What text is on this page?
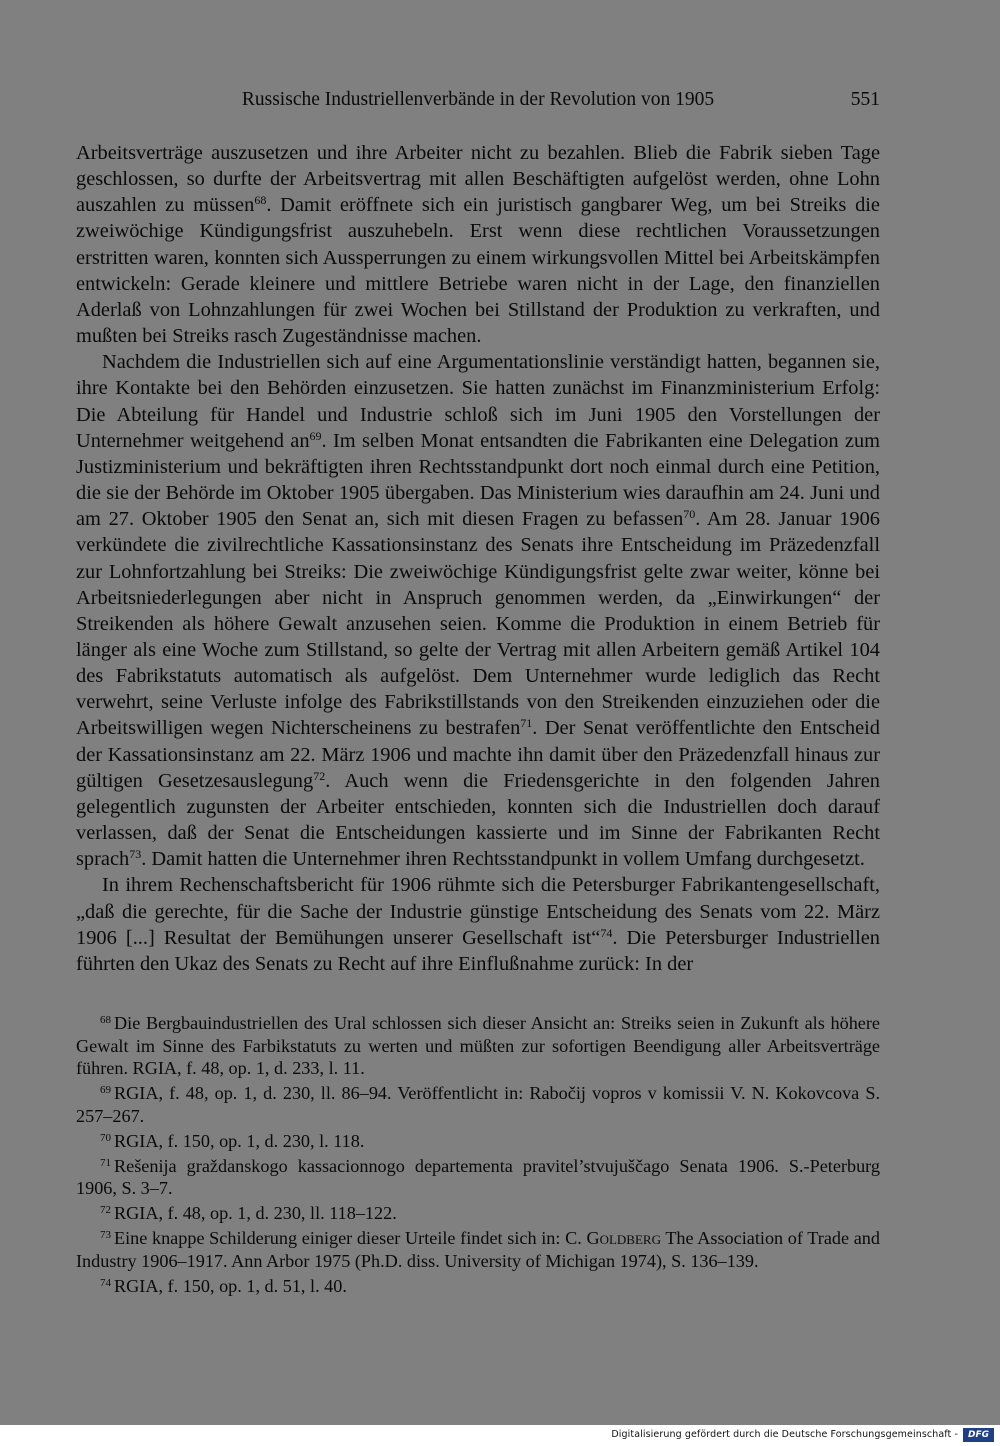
Russische Industriellenverbände in der Revolution von 1905	551

Arbeitsverträge auszusetzen und ihre Arbeiter nicht zu bezahlen. Blieb die Fabrik sieben Tage geschlossen, so durfte der Arbeitsvertrag mit allen Beschäftigten aufgelöst werden, ohne Lohn auszahlen zu müssen$^{68}$. Damit eröffnete sich ein juristisch gangbarer Weg, um bei Streiks die zweiwöchige Kündigungsfrist auszuhebeln. Erst wenn diese rechtlichen Voraussetzungen erstritten waren, konnten sich Aussperrungen zu einem wirkungsvollen Mittel bei Arbeitskämpfen entwickeln: Gerade kleinere und mittlere Betriebe waren nicht in der Lage, den finanziellen Aderlaß von Lohnzahlungen für zwei Wochen bei Stillstand der Produktion zu verkraften, und mußten bei Streiks rasch Zugeständnisse machen.

Nachdem die Industriellen sich auf eine Argumentationslinie verständigt hatten, begannen sie, ihre Kontakte bei den Behörden einzusetzen. Sie hatten zunächst im Finanzministerium Erfolg: Die Abteilung für Handel und Industrie schloß sich im Juni 1905 den Vorstellungen der Unternehmer weitgehend an$^{69}$. Im selben Monat entsandten die Fabrikanten eine Delegation zum Justizministerium und bekräftigten ihren Rechtsstandpunkt dort noch einmal durch eine Petition, die sie der Behörde im Oktober 1905 übergaben. Das Ministerium wies daraufhin am 24. Juni und am 27. Oktober 1905 den Senat an, sich mit diesen Fragen zu befassen$^{70}$. Am 28. Januar 1906 verkündete die zivilrechtliche Kassationsinstanz des Senats ihre Entscheidung im Präzedenzfall zur Lohnfortzahlung bei Streiks: Die zweiwöchige Kündigungsfrist gelte zwar weiter, könne bei Arbeitsniederlegungen aber nicht in Anspruch genommen werden, da „Einwirkungen“ der Streikenden als höhere Gewalt anzusehen seien. Komme die Produktion in einem Betrieb für länger als eine Woche zum Stillstand, so gelte der Vertrag mit allen Arbeitern gemäß Artikel 104 des Fabrikstatuts automatisch als aufgelöst. Dem Unternehmer wurde lediglich das Recht verwehrt, seine Verluste infolge des Fabrikstillstands von den Streikenden einzuziehen oder die Arbeitswilligen wegen Nichterscheinens zu bestrafen$^{71}$. Der Senat veröffentlichte den Entscheid der Kassationsinstanz am 22. März 1906 und machte ihn damit über den Präzedenzfall hinaus zur gültigen Gesetzesauslegung$^{72}$. Auch wenn die Friedensgerichte in den folgenden Jahren gelegentlich zugunsten der Arbeiter entschieden, konnten sich die Industriellen doch darauf verlassen, daß der Senat die Entscheidungen kassierte und im Sinne der Fabrikanten Recht sprach$^{73}$. Damit hatten die Unternehmer ihren Rechtsstandpunkt in vollem Umfang durchgesetzt.

In ihrem Rechenschaftsbericht für 1906 rühmte sich die Petersburger Fabrikantengesellschaft, „daß die gerechte, für die Sache der Industrie günstige Entscheidung des Senats vom 22. März 1906 [...] Resultat der Bemühungen unserer Gesellschaft ist“$^{74}$. Die Petersburger Industriellen führten den Ukaz des Senats zu Recht auf ihre Einflußnahme zurück: In der

$^{68}$ Die Bergbauindustriellen des Ural schlossen sich dieser Ansicht an: Streiks seien in Zukunft als höhere Gewalt im Sinne des Farbikstatuts zu werten und müßten zur sofortigen Beendigung aller Arbeitsverträge führen. RGIA, f. 48, op. 1, d. 233, l. 11.

$^{69}$ RGIA, f. 48, op. 1, d. 230, ll. 86–94. Veröffentlicht in: Rabočij vopros v komissii V. N. Kokovcova S. 257–267.

$^{70}$ RGIA, f. 150, op. 1, d. 230, l. 118.

$^{71}$ Rešenija graždanskogo kassacionnogo departementa pravitel’stvujuščago Senata 1906. S.-Peterburg 1906, S. 3–7.

$^{72}$ RGIA, f. 48, op. 1, d. 230, ll. 118–122.

$^{73}$ Eine knappe Schilderung einiger dieser Urteile findet sich in: C. Goldberg The Association of Trade and Industry 1906–1917. Ann Arbor 1975 (Ph.D. diss. University of Michigan 1974), S. 136–139.

$^{74}$ RGIA, f. 150, op. 1, d. 51, l. 40.

Digitalisierung gefördert durch die Deutsche Forschungsgemeinschaft -	DFG
